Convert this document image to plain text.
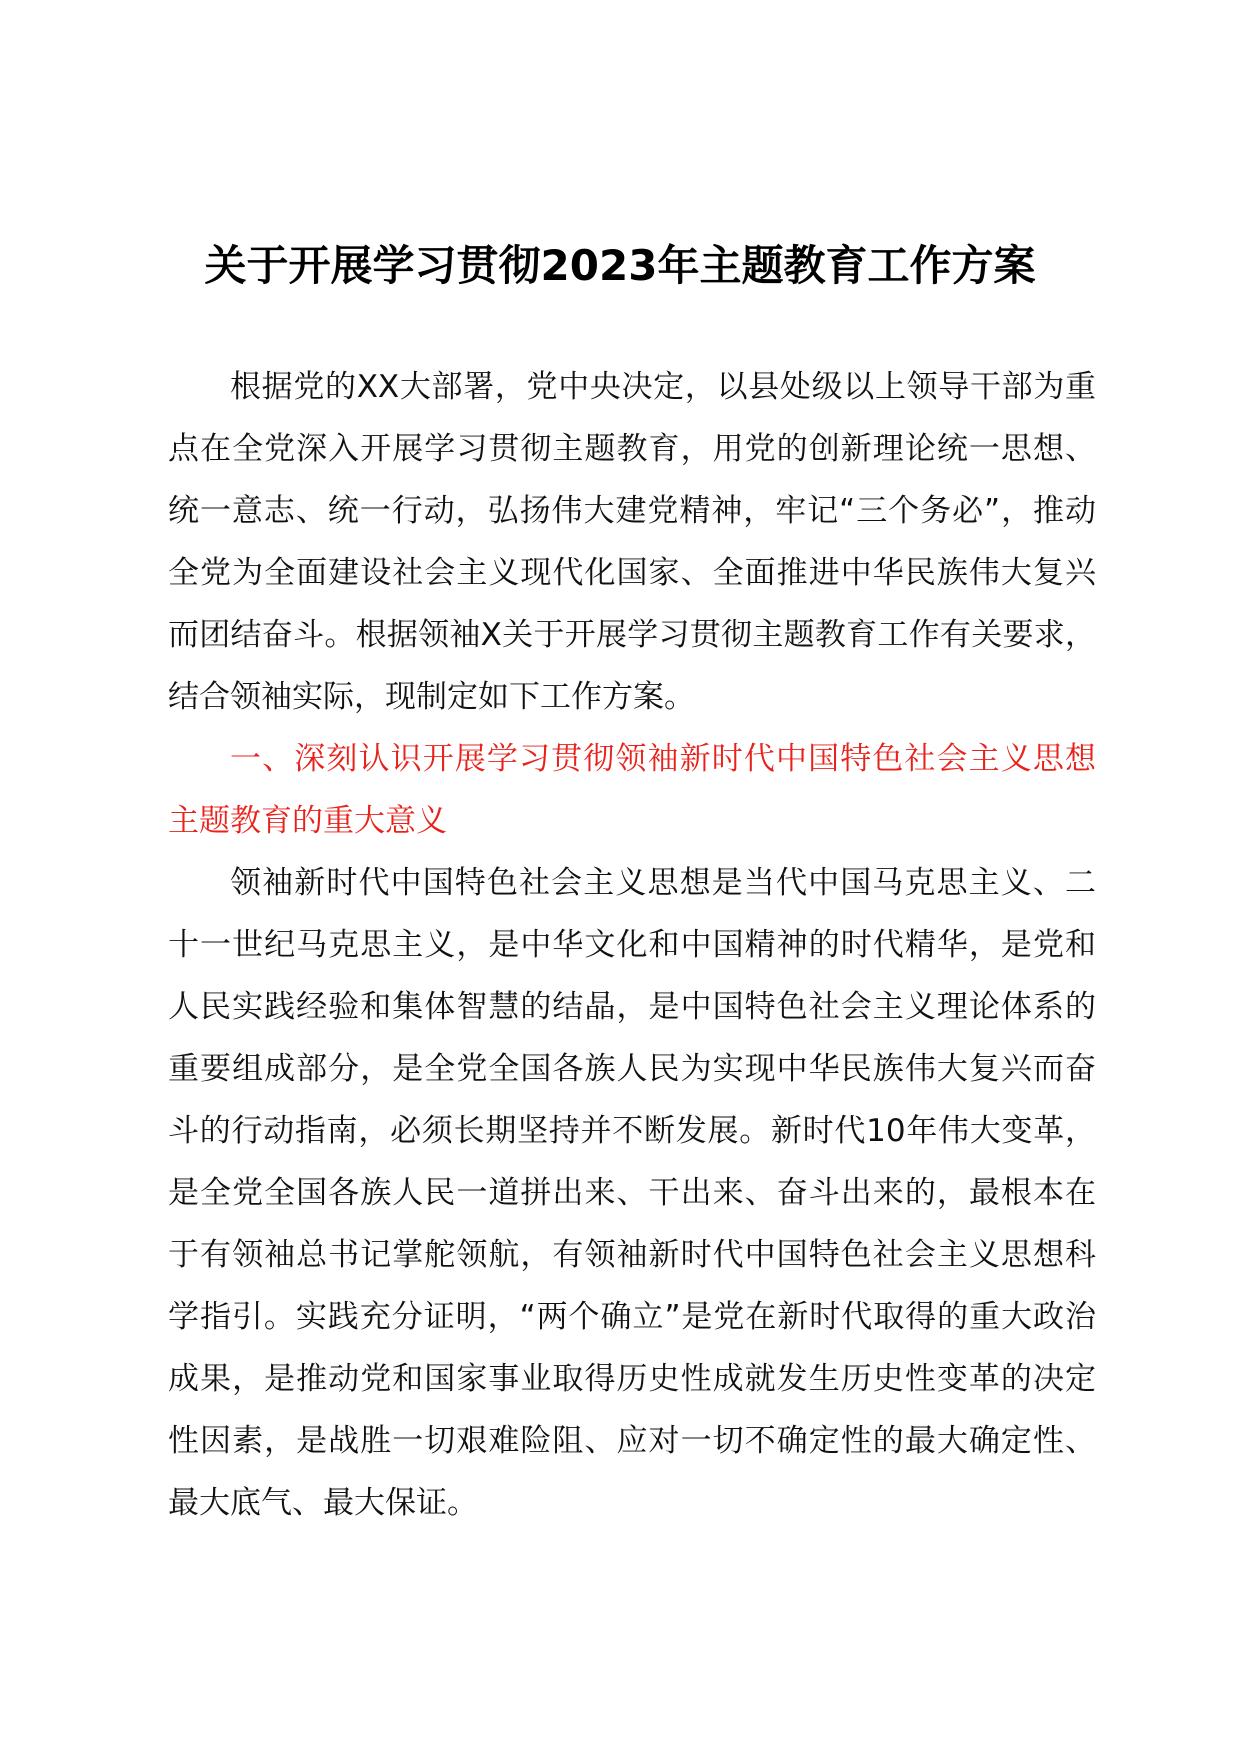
关于开展学习贯彻2023年主题教育工作方案

根据党的XX大部署，党中央决定，以县处级以上领导干部为重点在全党深入开展学习贯彻主题教育，用党的创新理论统一思想、统一意志、统一行动，弘扬伟大建党精神，牢记“三个务必”，推动全党为全面建设社会主义现代化国家、全面推进中华民族伟大复兴而团结奋斗。根据领袖X关于开展学习贯彻主题教育工作有关要求，结合领袖实际，现制定如下工作方案。

一、深刻认识开展学习贯彻领袖新时代中国特色社会主义思想主题教育的重大意义

领袖新时代中国特色社会主义思想是当代中国马克思主义、二十一世纪马克思主义，是中华文化和中国精神的时代精华，是党和人民实践经验和集体智慧的结晶，是中国特色社会主义理论体系的重要组成部分，是全党全国各族人民为实现中华民族伟大复兴而奋斗的行动指南，必须长期坚持并不断发展。新时代10年伟大变革，是全党全国各族人民一道拼出来、干出来、奋斗出来的，最根本在于有领袖总书记掌舵领航，有领袖新时代中国特色社会主义思想科学指引。实践充分证明，“两个确立”是党在新时代取得的重大政治成果，是推动党和国家事业取得历史性成就发生历史性变革的决定性因素，是战胜一切艰难险阻、应对一切不确定性的最大确定性、最大底气、最大保证。
